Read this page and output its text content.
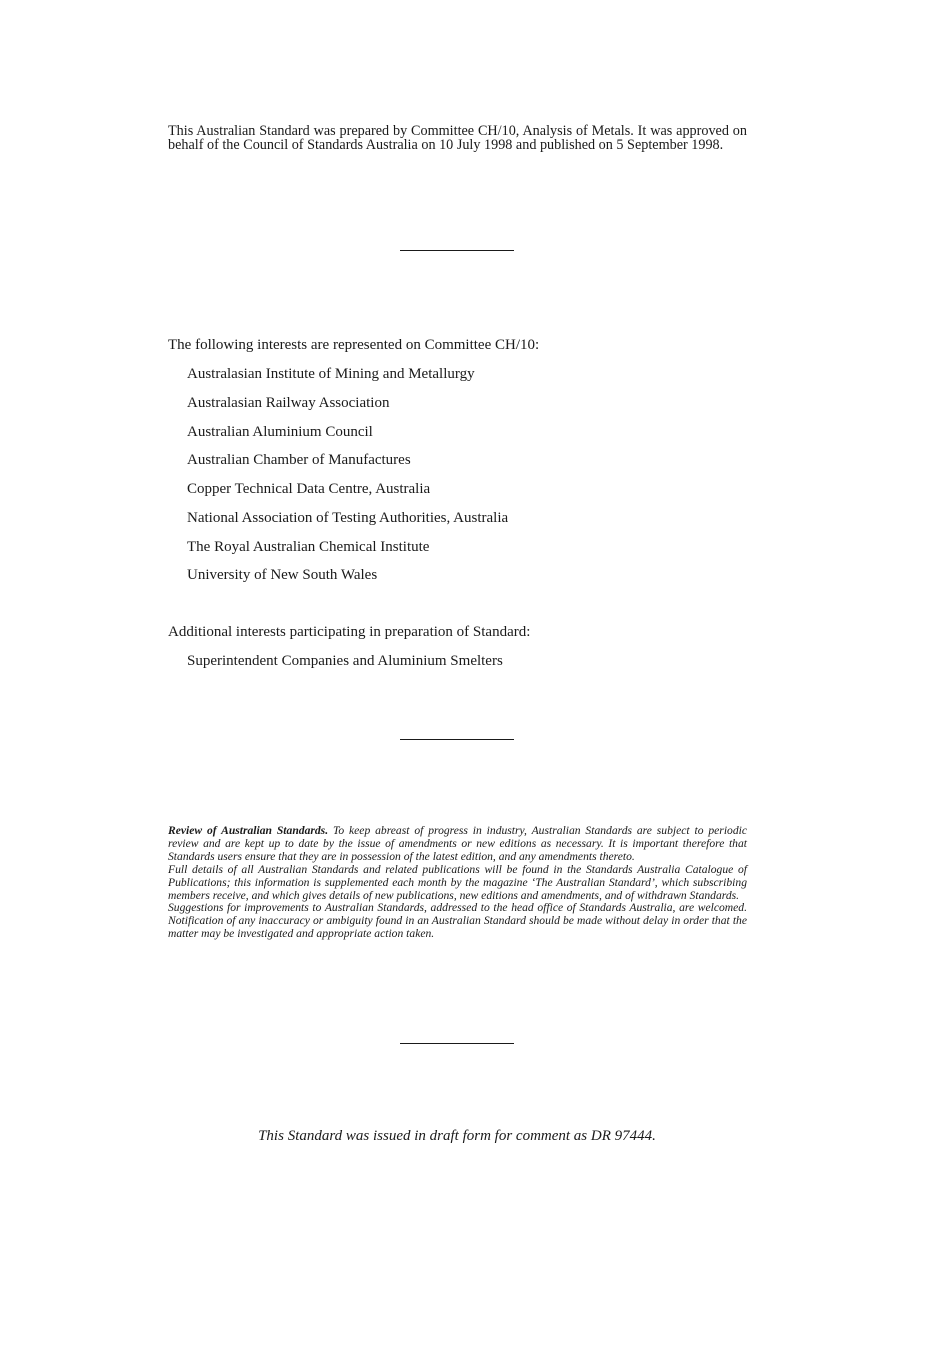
This Australian Standard was prepared by Committee CH/10, Analysis of Metals. It was approved on behalf of the Council of Standards Australia on 10 July 1998 and published on 5 September 1998.

The following interests are represented on Committee CH/10:

Australasian Institute of Mining and Metallurgy
Australasian Railway Association
Australian Aluminium Council
Australian Chamber of Manufactures
Copper Technical Data Centre, Australia
National Association of Testing Authorities, Australia
The Royal Australian Chemical Institute
University of New South Wales

Additional interests participating in preparation of Standard:

Superintendent Companies and Aluminium Smelters

Review of Australian Standards. To keep abreast of progress in industry, Australian Standards are subject to periodic review and are kept up to date by the issue of amendments or new editions as necessary. It is important therefore that Standards users ensure that they are in possession of the latest edition, and any amendments thereto.

Full details of all Australian Standards and related publications will be found in the Standards Australia Catalogue of Publications; this information is supplemented each month by the magazine ‘The Australian Standard’, which subscribing members receive, and which gives details of new publications, new editions and amendments, and of withdrawn Standards.

Suggestions for improvements to Australian Standards, addressed to the head office of Standards Australia, are welcomed. Notification of any inaccuracy or ambiguity found in an Australian Standard should be made without delay in order that the matter may be investigated and appropriate action taken.

This Standard was issued in draft form for comment as DR 97444.
